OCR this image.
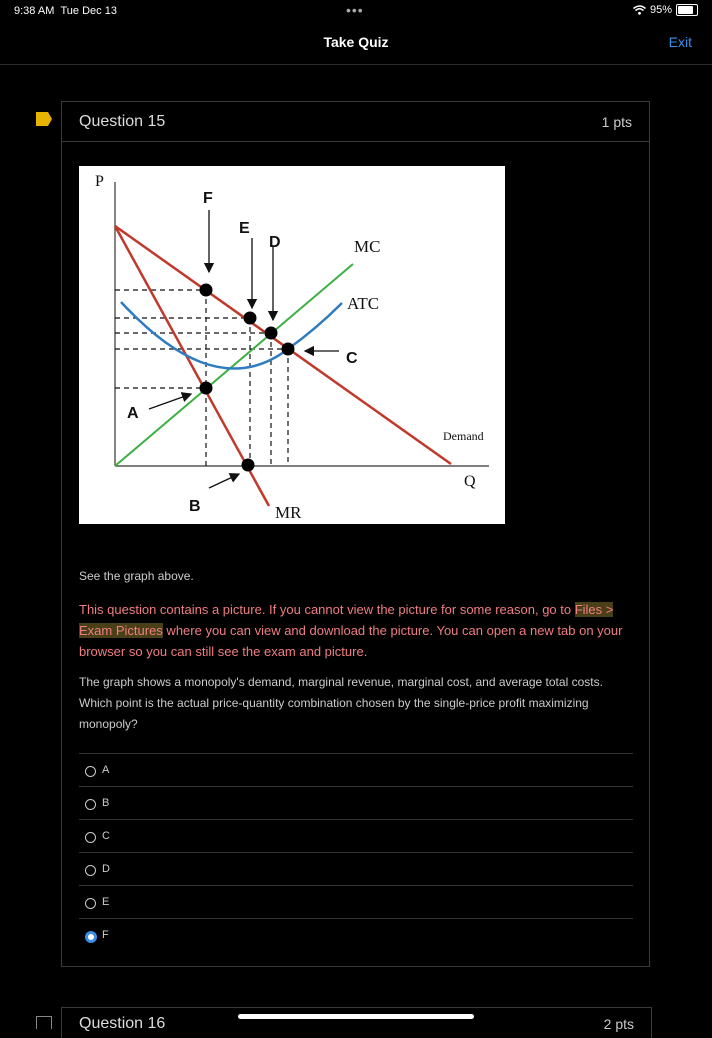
9:38 AM Tue Dec 13	•••	95%
Take Quiz	Exit
Question 15	1 pts
P
Q
MC
ATC
Demand
MR
F
E
D
C
A
B
See the graph above.
This question contains a picture. If you cannot view the picture for some reason, go to Files > Exam Pictures where you can view and download the picture. You can open a new tab on your browser so you can still see the exam and picture.
The graph shows a monopoly's demand, marginal revenue, marginal cost, and average total costs. Which point is the actual price-quantity combination chosen by the single-price profit maximizing monopoly?
A
B
C
D
E
F
Question 16	2 pts
